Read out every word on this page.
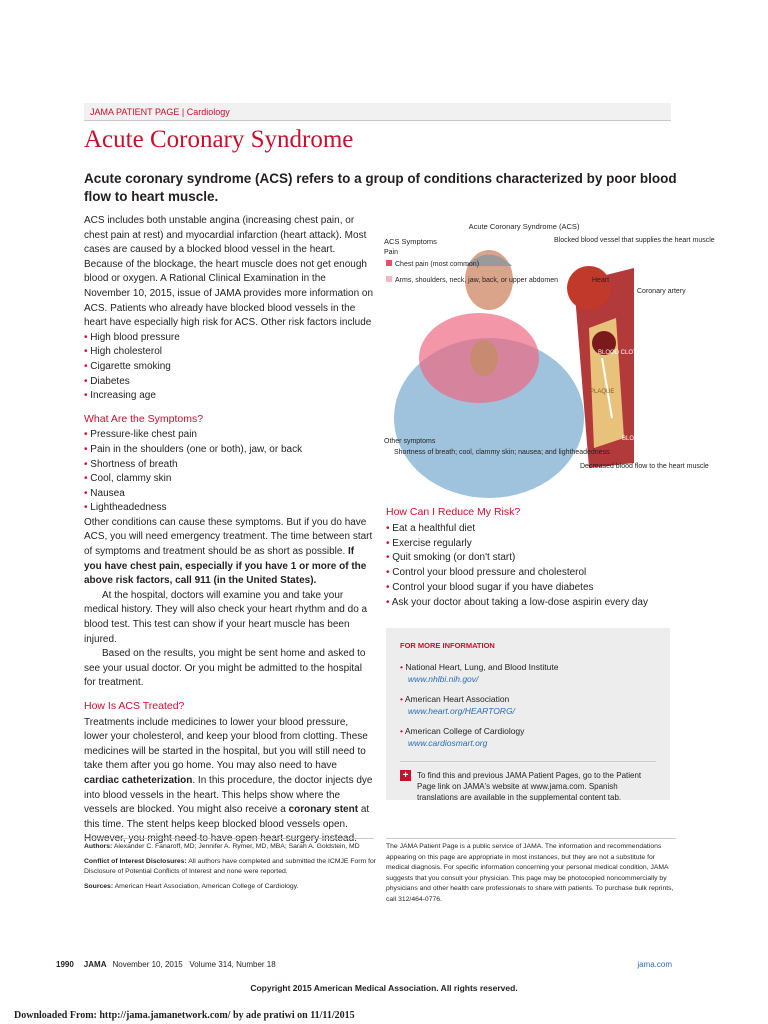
JAMA PATIENT PAGE | Cardiology
Acute Coronary Syndrome
Acute coronary syndrome (ACS) refers to a group of conditions characterized by poor blood flow to heart muscle.

ACS includes both unstable angina (increasing chest pain, or chest pain at rest) and myocardial infarction (heart attack). Most cases are caused by a blocked blood vessel in the heart. Because of the blockage, the heart muscle does not get enough blood or oxygen. A Rational Clinical Examination in the November 10, 2015, issue of JAMA provides more information on ACS. Patients who already have blocked blood vessels in the heart have especially high risk for ACS. Other risk factors include

• High blood pressure
• High cholesterol
• Cigarette smoking
• Diabetes
• Increasing age
What Are the Symptoms?
• Pressure-like chest pain
• Pain in the shoulders (one or both), jaw, or back
• Shortness of breath
• Cool, clammy skin
• Nausea
• Lightheadedness

Other conditions can cause these symptoms. But if you do have ACS, you will need emergency treatment. The time between start of symptoms and treatment should be as short as possible. If you have chest pain, especially if you have 1 or more of the above risk factors, call 911 (in the United States).

At the hospital, doctors will examine you and take your medical history. They will also check your heart rhythm and do a blood test. This test can show if your heart muscle has been injured.

Based on the results, you might be sent home and asked to see your usual doctor. Or you might be admitted to the hospital for treatment.

How Is ACS Treated?

Treatments include medicines to lower your blood pressure, lower your cholesterol, and keep your blood from clotting. These medicines will be started in the hospital, but you will still need to take them after you go home. You may also need to have cardiac catheterization. In this procedure, the doctor injects dye into blood vessels in the heart. This helps show where the vessels are blocked. You might also receive a coronary stent at this time. The stent helps keep blocked blood vessels open.

Acute Coronary Syndrome (ACS)
ACS Symptoms
Pain
Chest pain (most common)
Arms, shoulders, neck, jaw, back, or upper abdomen
Blocked blood vessel that supplies the heart muscle
Heart
Coronary artery
BLOOD CLOT
PLAQUE
BLOOD FLOW
Other symptoms
Shortness of breath; cool, clammy skin; nausea; and lightheadedness
Decreased blood flow to the heart muscle
How Can I Reduce My Risk?
• Eat a healthful diet
• Exercise regularly
• Quit smoking (or don't start)
• Control your blood pressure and cholesterol
• Control your blood sugar if you have diabetes
• Ask your doctor about taking a low-dose aspirin every day
FOR MORE INFORMATION
• National Heart, Lung, and Blood Institute
www.nhlbi.nih.gov/
• American Heart Association
www.heart.org/HEARTORG/
• American College of Cardiology
www.cardiosmart.org
+	To find this and previous JAMA Patient Pages, go to the Patient Page link on JAMA's website at www.jama.com. Spanish translations are available in the supplemental content tab.
Authors: Alexander C. Fanaroff, MD; Jennifer A. Rymer, MD, MBA; Sarah A. Goldstein, MD
Conflict of Interest Disclosures: All authors have completed and submitted the ICMJE Form for Disclosure of Potential Conflicts of Interest and none were reported.
Sources: American Heart Association, American College of Cardiology.
The JAMA Patient Page is a public service of JAMA. The information and recommendations appearing on this page are appropriate in most instances, but they are not a substitute for medical diagnosis. For specific information concerning your personal medical condition, JAMA suggests that you consult your physician. This page may be photocopied noncommercially by physicians and other health care professionals to share with patients. To purchase bulk reprints, call 312/464-0776.
1990 JAMA November 10, 2015   Volume 314, Number 18	jama.com
Copyright 2015 American Medical Association. All rights reserved.
Downloaded From: http://jama.jamanetwork.com/ by ade pratiwi on 11/11/2015
